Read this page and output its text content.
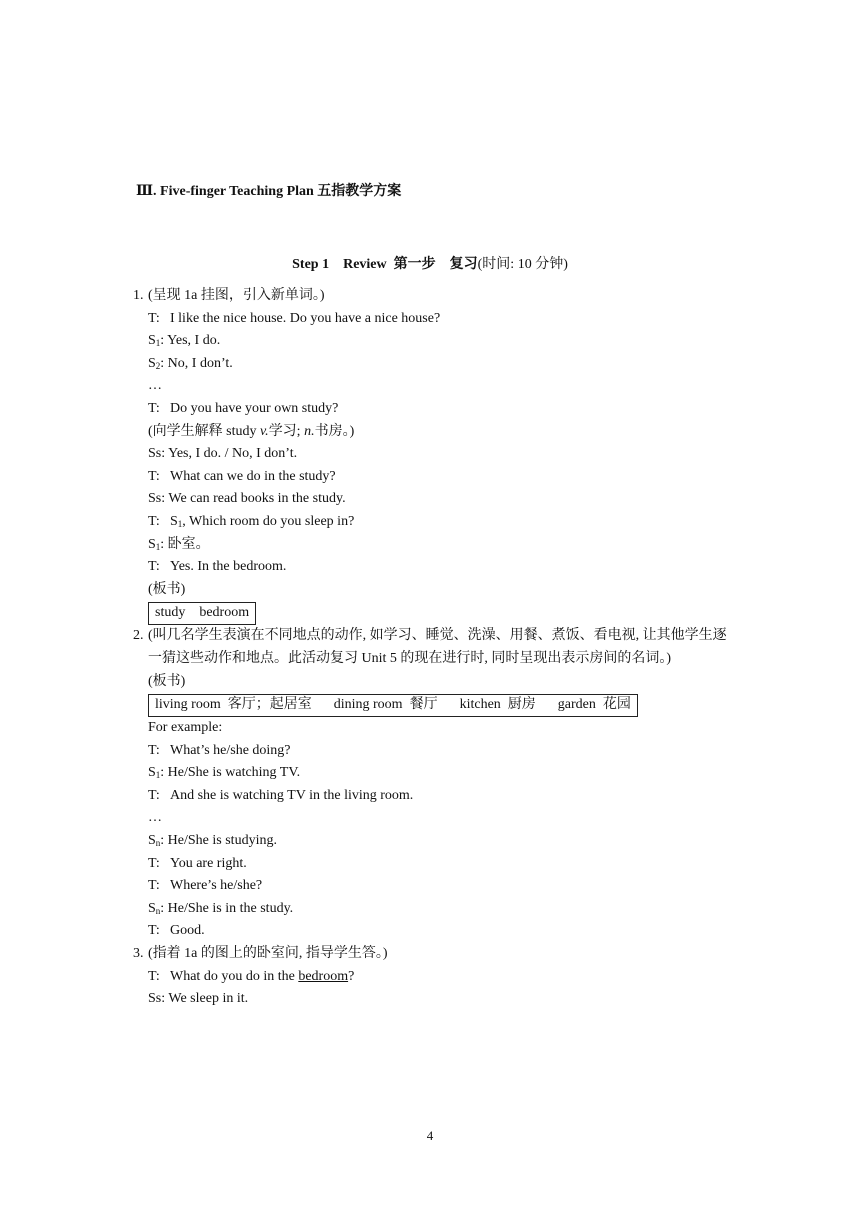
Ⅲ. Five-finger Teaching Plan 五指教学方案
Step 1 Review 第一步 复习(时间: 10 分钟)
1. (呈现 1a 挂图，引入新单词。)
T: I like the nice house. Do you have a nice house?
$S_1$: Yes, I do.
$S_2$: No, I don’t.
…
T: Do you have your own study?
(向学生解释 study v.学习; n.书房。)
Ss: Yes, I do. / No, I don’t.
T: What can we do in the study?
Ss: We can read books in the study.
T: $S_1$, Which room do you sleep in?
$S_1$: 卧室。
T: Yes. In the bedroom.
(板书)
study bedroom
2. (叫几名学生表演在不同地点的动作, 如学习、睡觉、洗澡、用餐、煮饭、看电视, 让其他学生逐一猜这些动作和地点。此活动复习 Unit 5 的现在进行时, 同时呈现出表示房间的名词。)
(板书)
living room 客厅；起居室 dining room 餐厅 kitchen 厨房 garden 花园
For example:
T: What’s he/she doing?
$S_1$: He/She is watching TV.
T: And she is watching TV in the living room.
…
$S_n$: He/She is studying.
T: You are right.
T: Where’s he/she?
$S_n$: He/She is in the study.
T: Good.
3. (指着 1a 的图上的卧室问, 指导学生答。)
T: What do you do in the bedroom?
Ss: We sleep in it.
4
